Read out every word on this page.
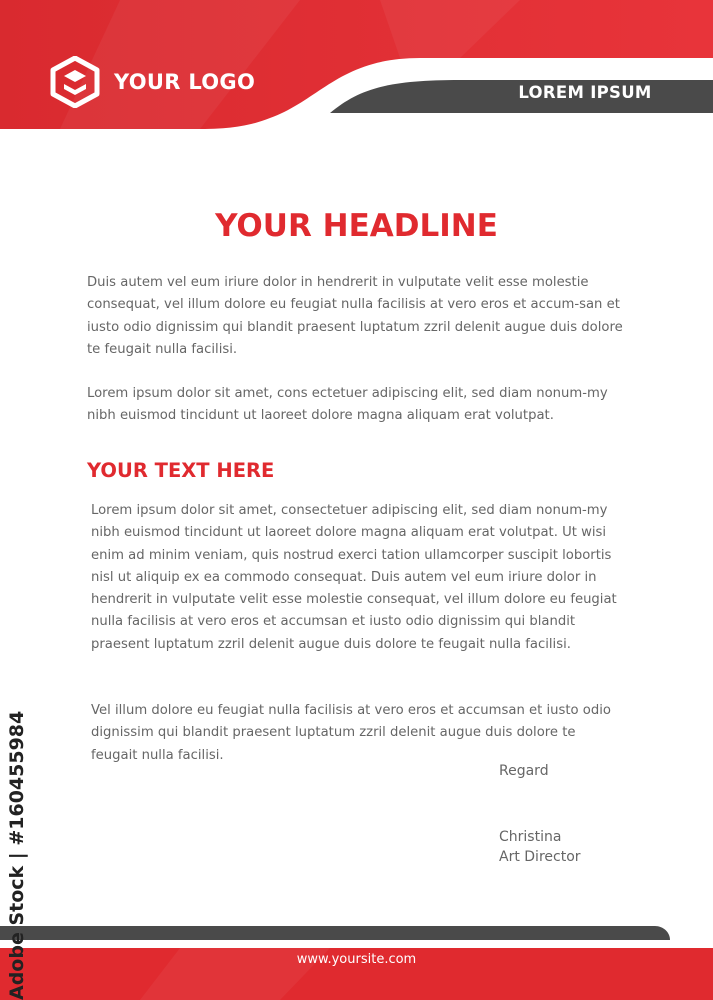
YOUR LOGO	LOREM IPSUM
YOUR HEADLINE

Duis autem vel eum iriure dolor in hendrerit in vulputate velit esse molestie consequat, vel illum dolore eu feugiat nulla facilisis at vero eros et accum-san et iusto odio dignissim qui blandit praesent luptatum zzril delenit augue duis dolore te feugait nulla facilisi.

Lorem ipsum dolor sit amet, cons ectetuer adipiscing elit, sed diam nonum-my nibh euismod tincidunt ut laoreet dolore magna aliquam erat volutpat.

YOUR TEXT HERE

Lorem ipsum dolor sit amet, consectetuer adipiscing elit, sed diam nonum-my nibh euismod tincidunt ut laoreet dolore magna aliquam erat volutpat. Ut wisi enim ad minim veniam, quis nostrud exerci tation ullamcorper suscipit lobortis nisl ut aliquip ex ea commodo consequat. Duis autem vel eum iriure dolor in hendrerit in vulputate velit esse molestie consequat, vel illum dolore eu feugiat nulla facilisis at vero eros et accumsan et iusto odio dignissim qui blandit praesent luptatum zzril delenit augue duis dolore te feugait nulla facilisi.

Vel illum dolore eu feugiat nulla facilisis at vero eros et accumsan et iusto odio dignissim qui blandit praesent luptatum zzril delenit augue duis dolore te feugait nulla facilisi.

Regard
Christina
Art Director
www.yoursite.com
Adobe Stock | #160455984
